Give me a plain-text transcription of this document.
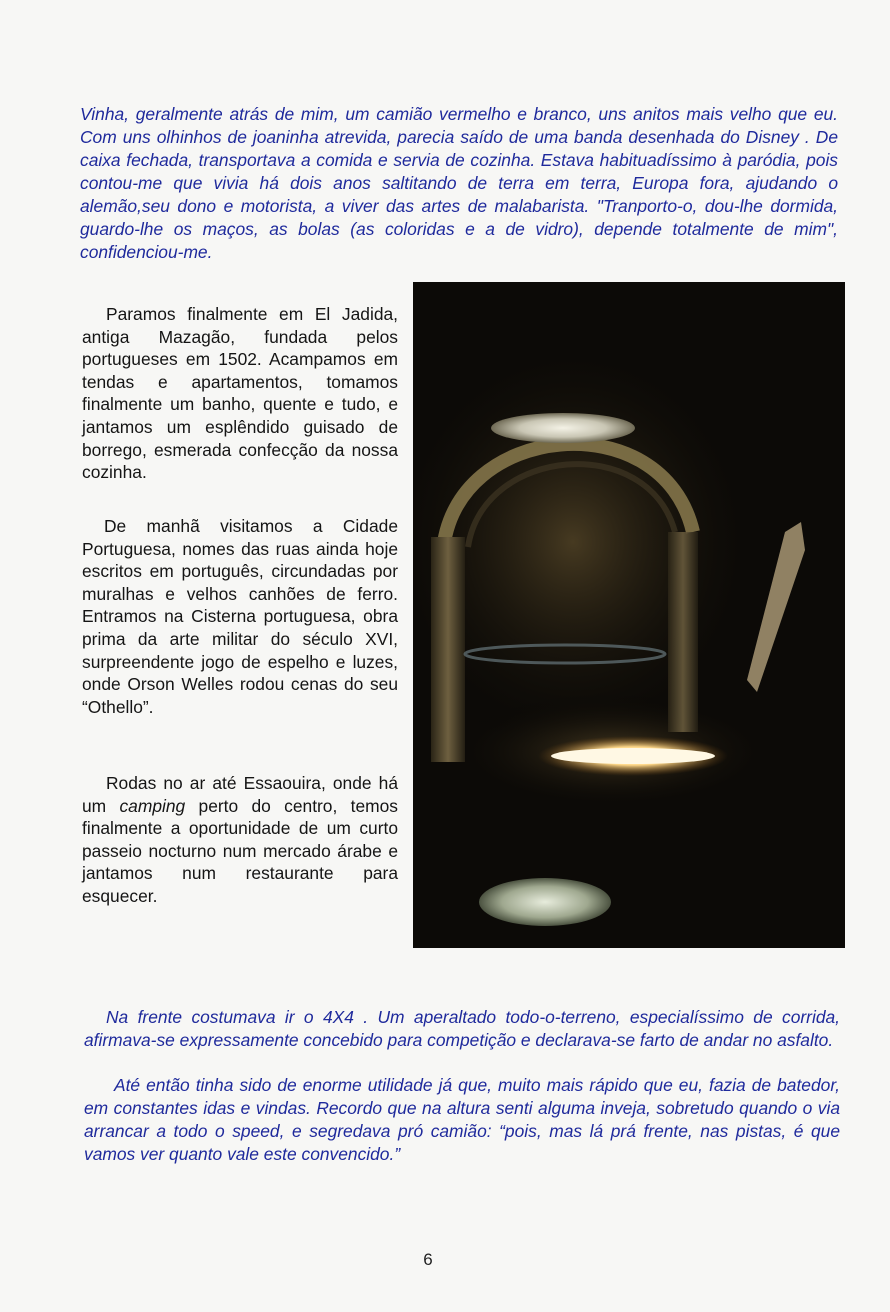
Vinha, geralmente atrás de mim, um camião vermelho e branco, uns anitos mais velho que eu. Com uns olhinhos de joaninha atrevida, parecia saído de uma banda desenhada do Disney . De caixa fechada, transportava a comida e servia de cozinha. Estava habituadíssimo à paródia, pois contou-me que vivia há dois anos saltitando de terra em terra, Europa fora, ajudando o alemão,seu dono e motorista, a viver das artes de malabarista. "Tranporto-o, dou-lhe dormida, guardo-lhe os maços, as bolas (as coloridas e a de vidro), depende totalmente de mim", confidenciou-me.

Paramos finalmente em El Jadida, antiga Mazagão, fundada pelos portugueses em 1502. Acampamos em tendas e apartamentos, tomamos finalmente um banho, quente e tudo, e jantamos um esplêndido guisado de borrego, esmerada confecção da nossa cozinha.

De manhã visitamos a Cidade Portuguesa, nomes das ruas ainda hoje escritos em português, circundadas por muralhas e velhos canhões de ferro. Entramos na Cisterna portuguesa, obra prima da arte militar do século XVI, surpreendente jogo de espelho e luzes, onde Orson Welles rodou cenas do seu “Othello”.

Rodas no ar até Essaouira, onde há um camping perto do centro, temos finalmente a oportunidade de um curto passeio nocturno num mercado árabe e jantamos num restaurante para esquecer.

Na frente costumava ir o 4X4 . Um aperaltado todo-o-terreno, especialíssimo de corrida, afirmava-se expressamente concebido para competição e declarava-se farto de andar no asfalto.

Até então tinha sido de enorme utilidade já que, muito mais rápido que eu, fazia de batedor, em constantes idas e vindas. Recordo que na altura senti alguma inveja, sobretudo quando o via arrancar a todo o speed, e segredava pró camião: “pois, mas lá prá frente, nas pistas, é que vamos ver quanto vale este convencido.”

6
